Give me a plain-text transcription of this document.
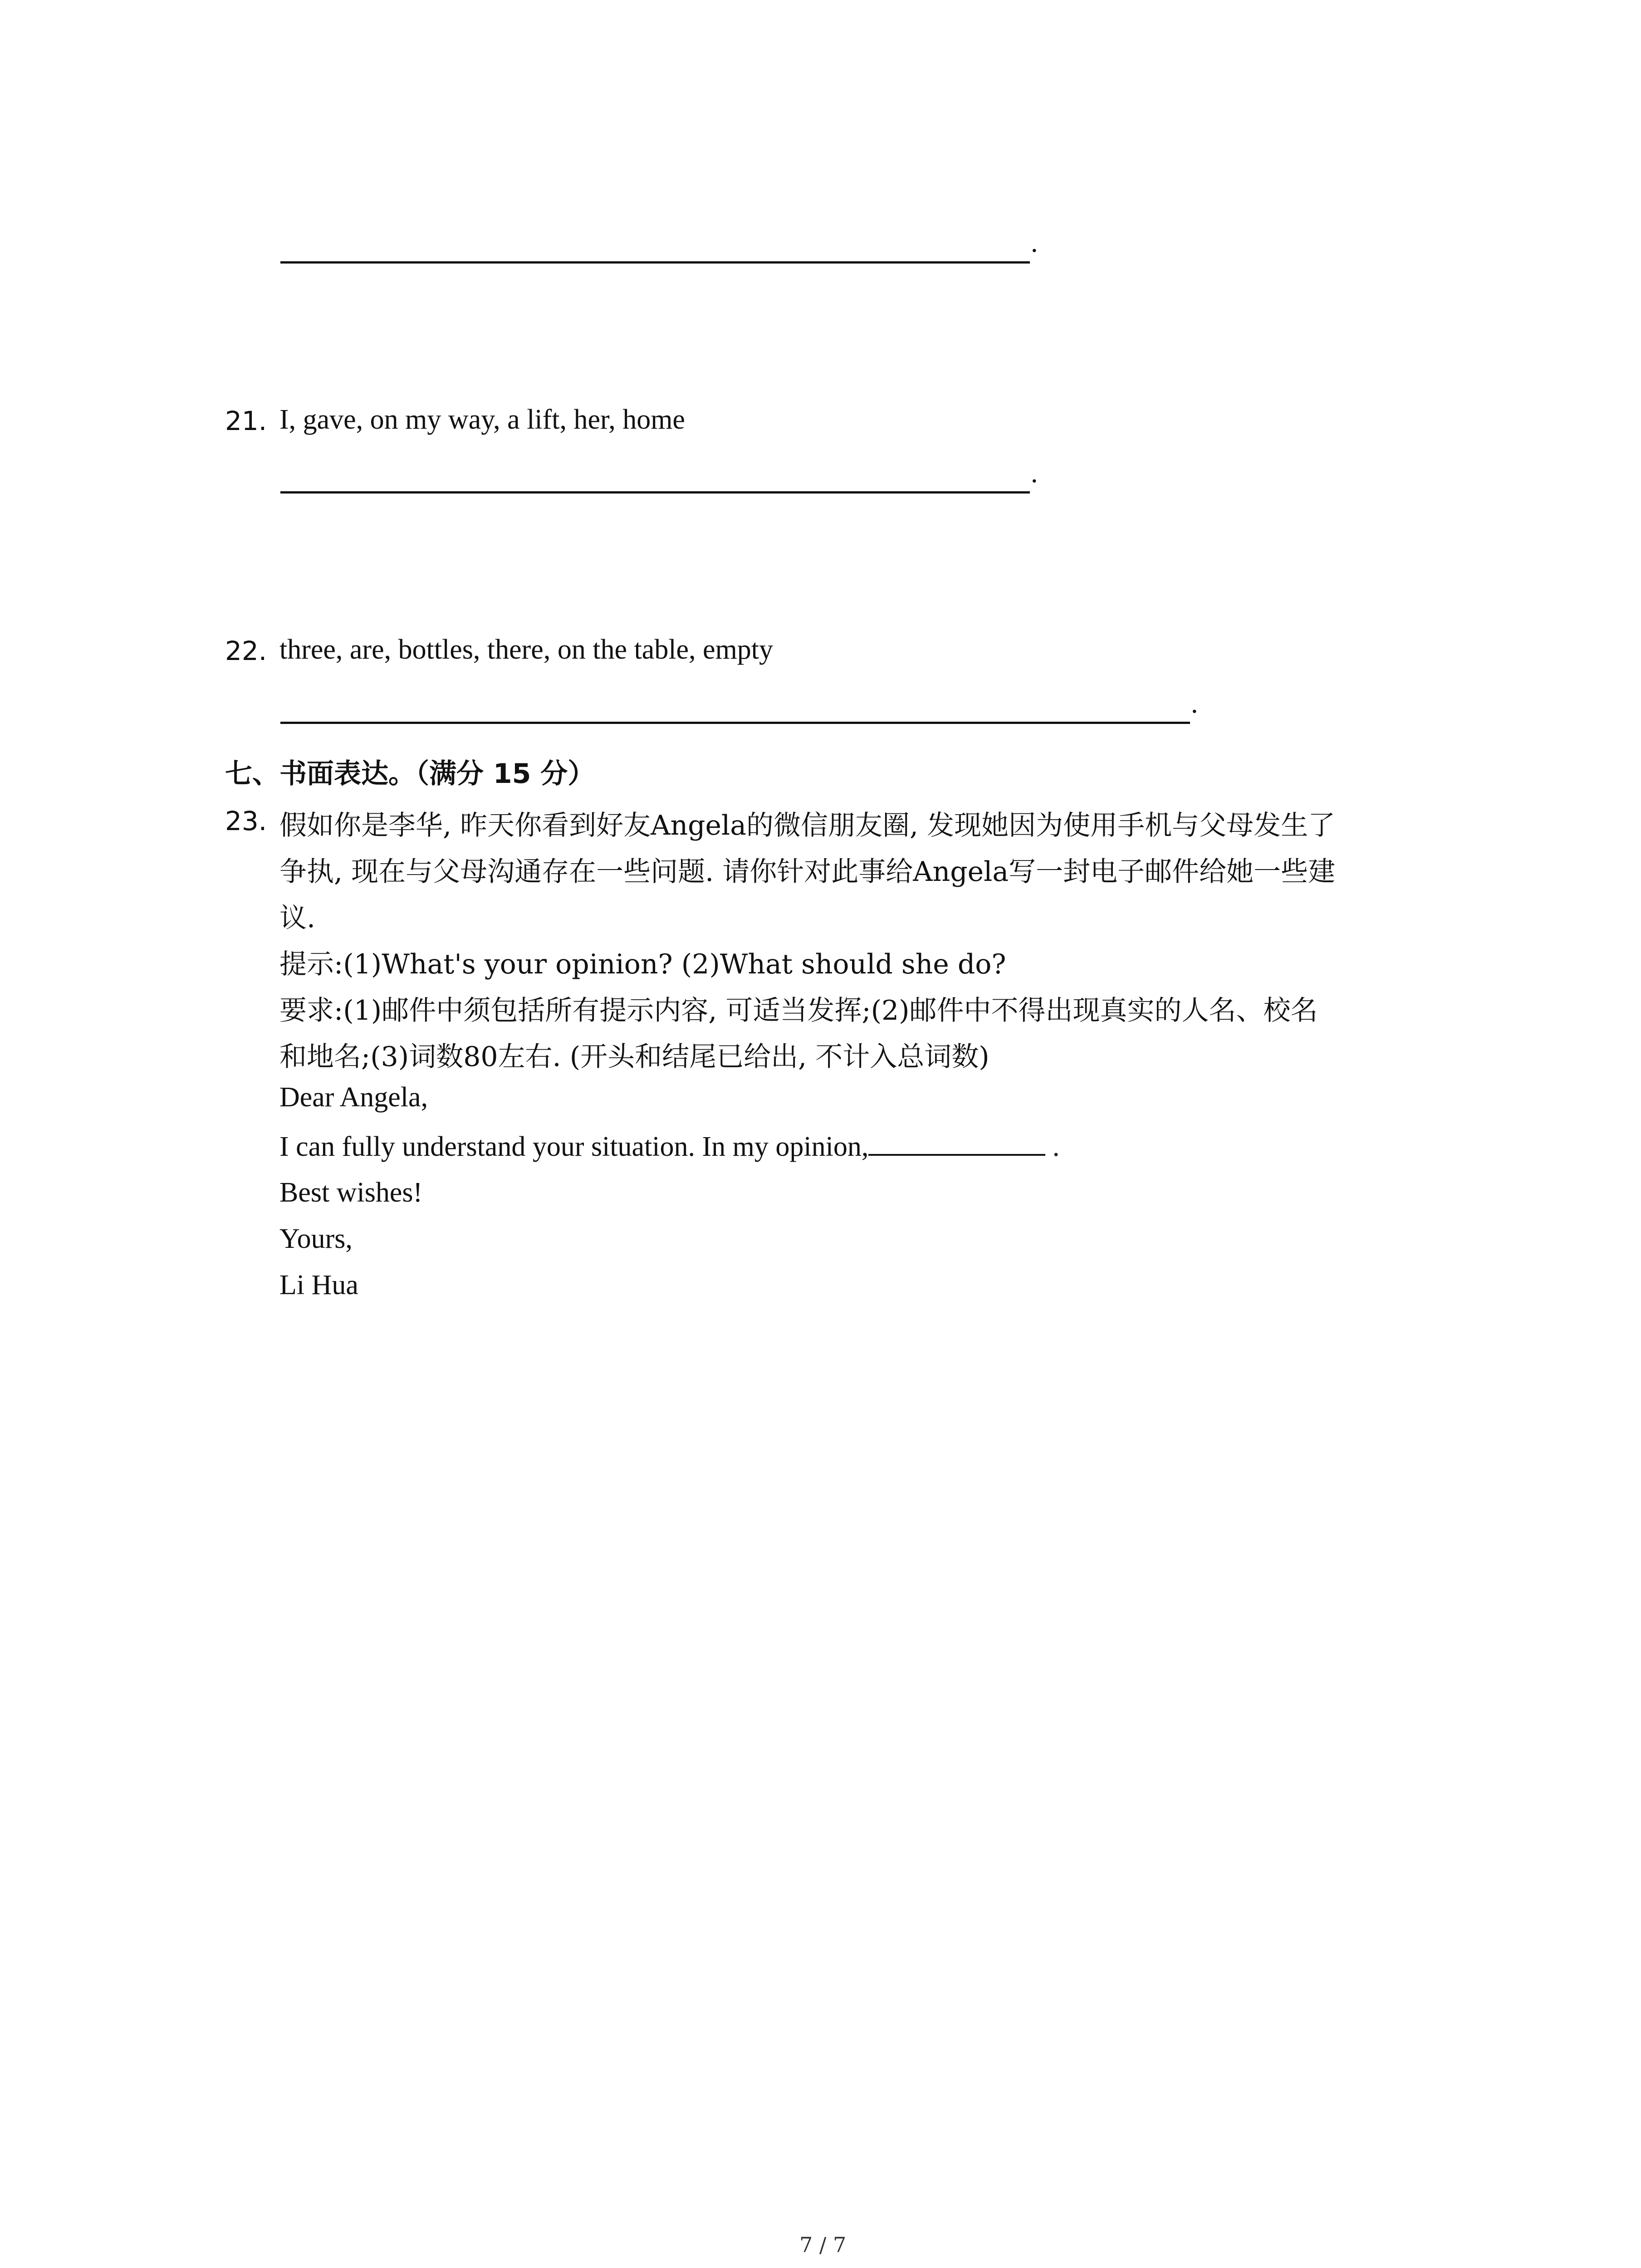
.
21. I, gave, on my way, a lift, her, home
.
22. three, are, bottles, there, on the table, empty
.
七、书面表达。（满分 15 分）
23. 假如你是李华, 昨天你看到好友Angela的微信朋友圈, 发现她因为使用手机与父母发生了
争执, 现在与父母沟通存在一些问题. 请你针对此事给Angela写一封电子邮件给她一些建
议.
提示:(1)What's your opinion? (2)What should she do?
要求:(1)邮件中须包括所有提示内容, 可适当发挥;(2)邮件中不得出现真实的人名、校名
和地名;(3)词数80左右. (开头和结尾已给出, 不计入总词数)
Dear Angela,
I can fully understand your situation. In my opinion,	.
Best wishes!
Yours,
Li Hua
7 / 7
